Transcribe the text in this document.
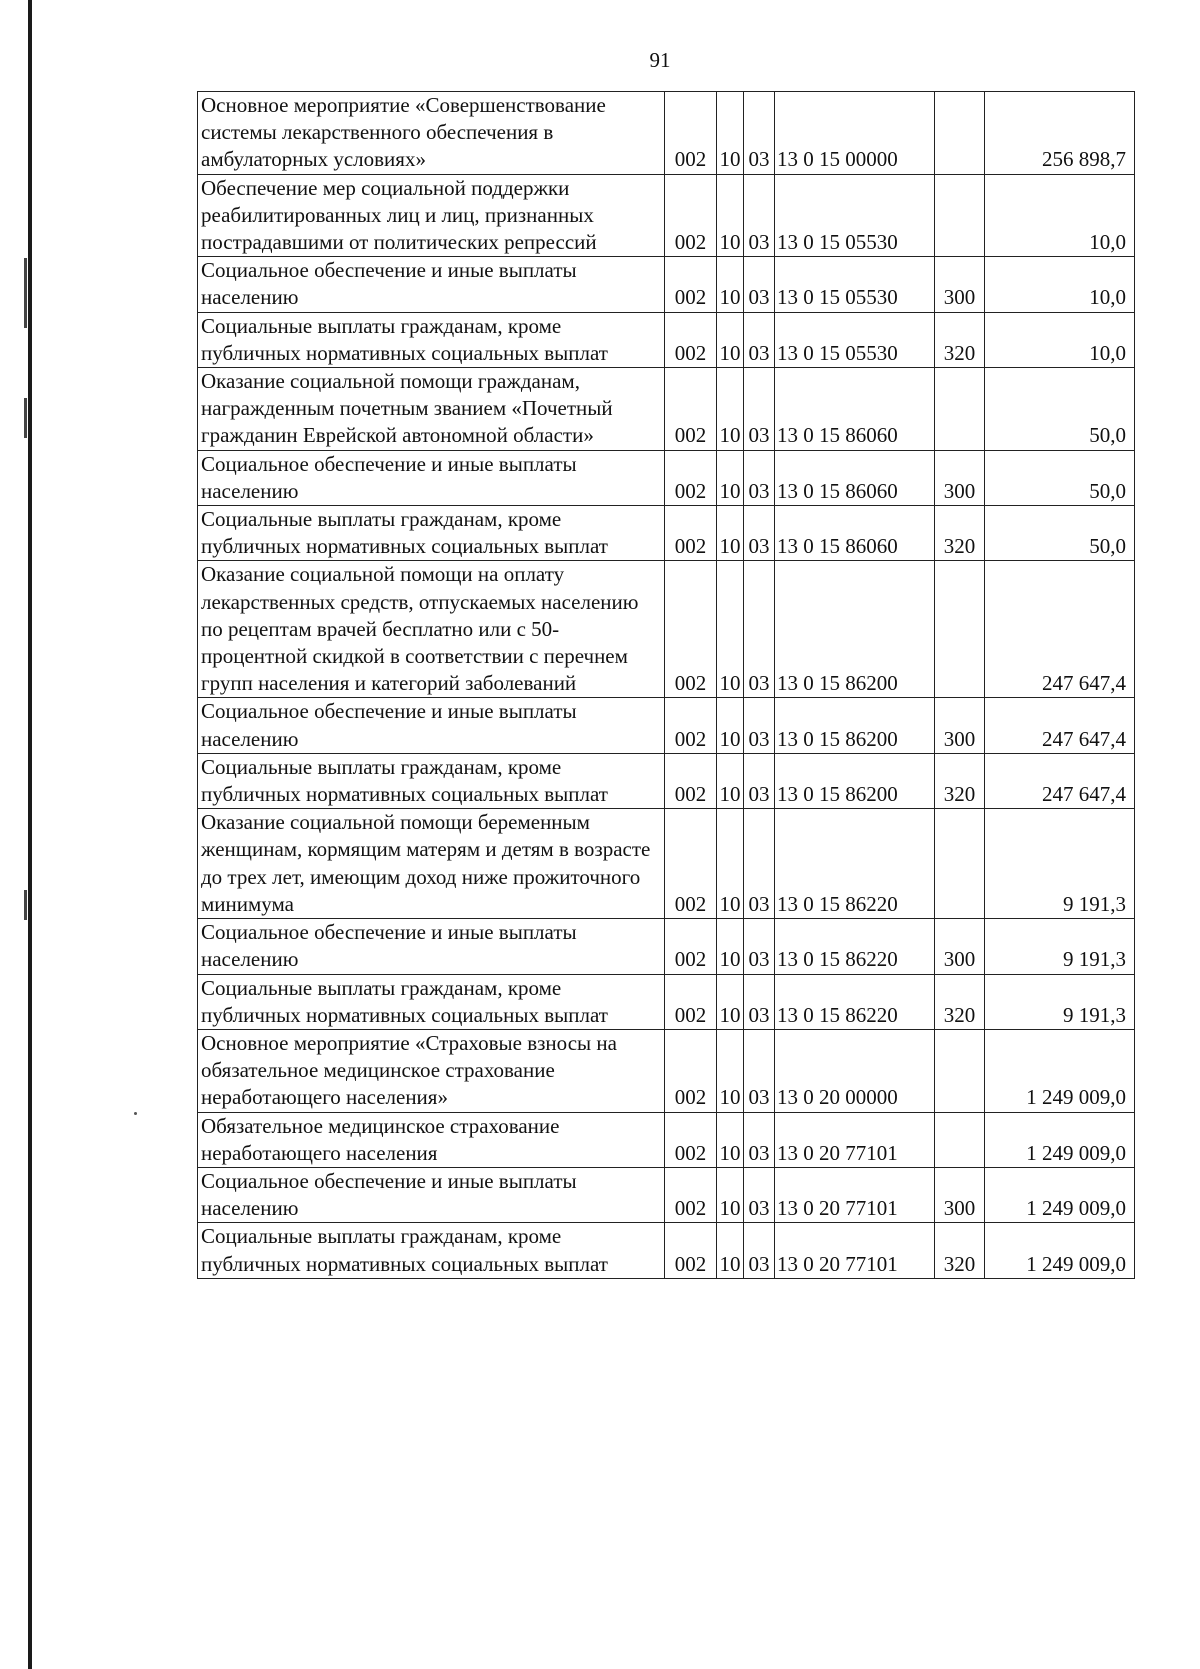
91
Основное мероприятие «Совершенствование системы лекарственного обеспечения в амбулаторных условиях»	002	10	03	13 0 15 00000		256 898,7
Обеспечение мер социальной поддержки реабилитированных лиц и лиц, признанных пострадавшими от политических репрессий	002	10	03	13 0 15 05530		10,0
Социальное обеспечение и иные выплаты населению	002	10	03	13 0 15 05530	300	10,0
Социальные выплаты гражданам, кроме публичных нормативных социальных выплат	002	10	03	13 0 15 05530	320	10,0
Оказание социальной помощи гражданам, награжденным почетным званием «Почетный гражданин Еврейской автономной области»	002	10	03	13 0 15 86060		50,0
Социальное обеспечение и иные выплаты населению	002	10	03	13 0 15 86060	300	50,0
Социальные выплаты гражданам, кроме публичных нормативных социальных выплат	002	10	03	13 0 15 86060	320	50,0
Оказание социальной помощи на оплату лекарственных средств, отпускаемых населению по рецептам врачей бесплатно или с 50-процентной скидкой в соответствии с перечнем групп населения и категорий заболеваний	002	10	03	13 0 15 86200		247 647,4
Социальное обеспечение и иные выплаты населению	002	10	03	13 0 15 86200	300	247 647,4
Социальные выплаты гражданам, кроме публичных нормативных социальных выплат	002	10	03	13 0 15 86200	320	247 647,4
Оказание социальной помощи беременным женщинам, кормящим матерям и детям в возрасте до трех лет, имеющим доход ниже прожиточного минимума	002	10	03	13 0 15 86220		9 191,3
Социальное обеспечение и иные выплаты населению	002	10	03	13 0 15 86220	300	9 191,3
Социальные выплаты гражданам, кроме публичных нормативных социальных выплат	002	10	03	13 0 15 86220	320	9 191,3
Основное мероприятие «Страховые взносы на обязательное медицинское страхование неработающего населения»	002	10	03	13 0 20 00000		1 249 009,0
Обязательное медицинское страхование неработающего населения	002	10	03	13 0 20 77101		1 249 009,0
Социальное обеспечение и иные выплаты населению	002	10	03	13 0 20 77101	300	1 249 009,0
Социальные выплаты гражданам, кроме публичных нормативных социальных выплат	002	10	03	13 0 20 77101	320	1 249 009,0
